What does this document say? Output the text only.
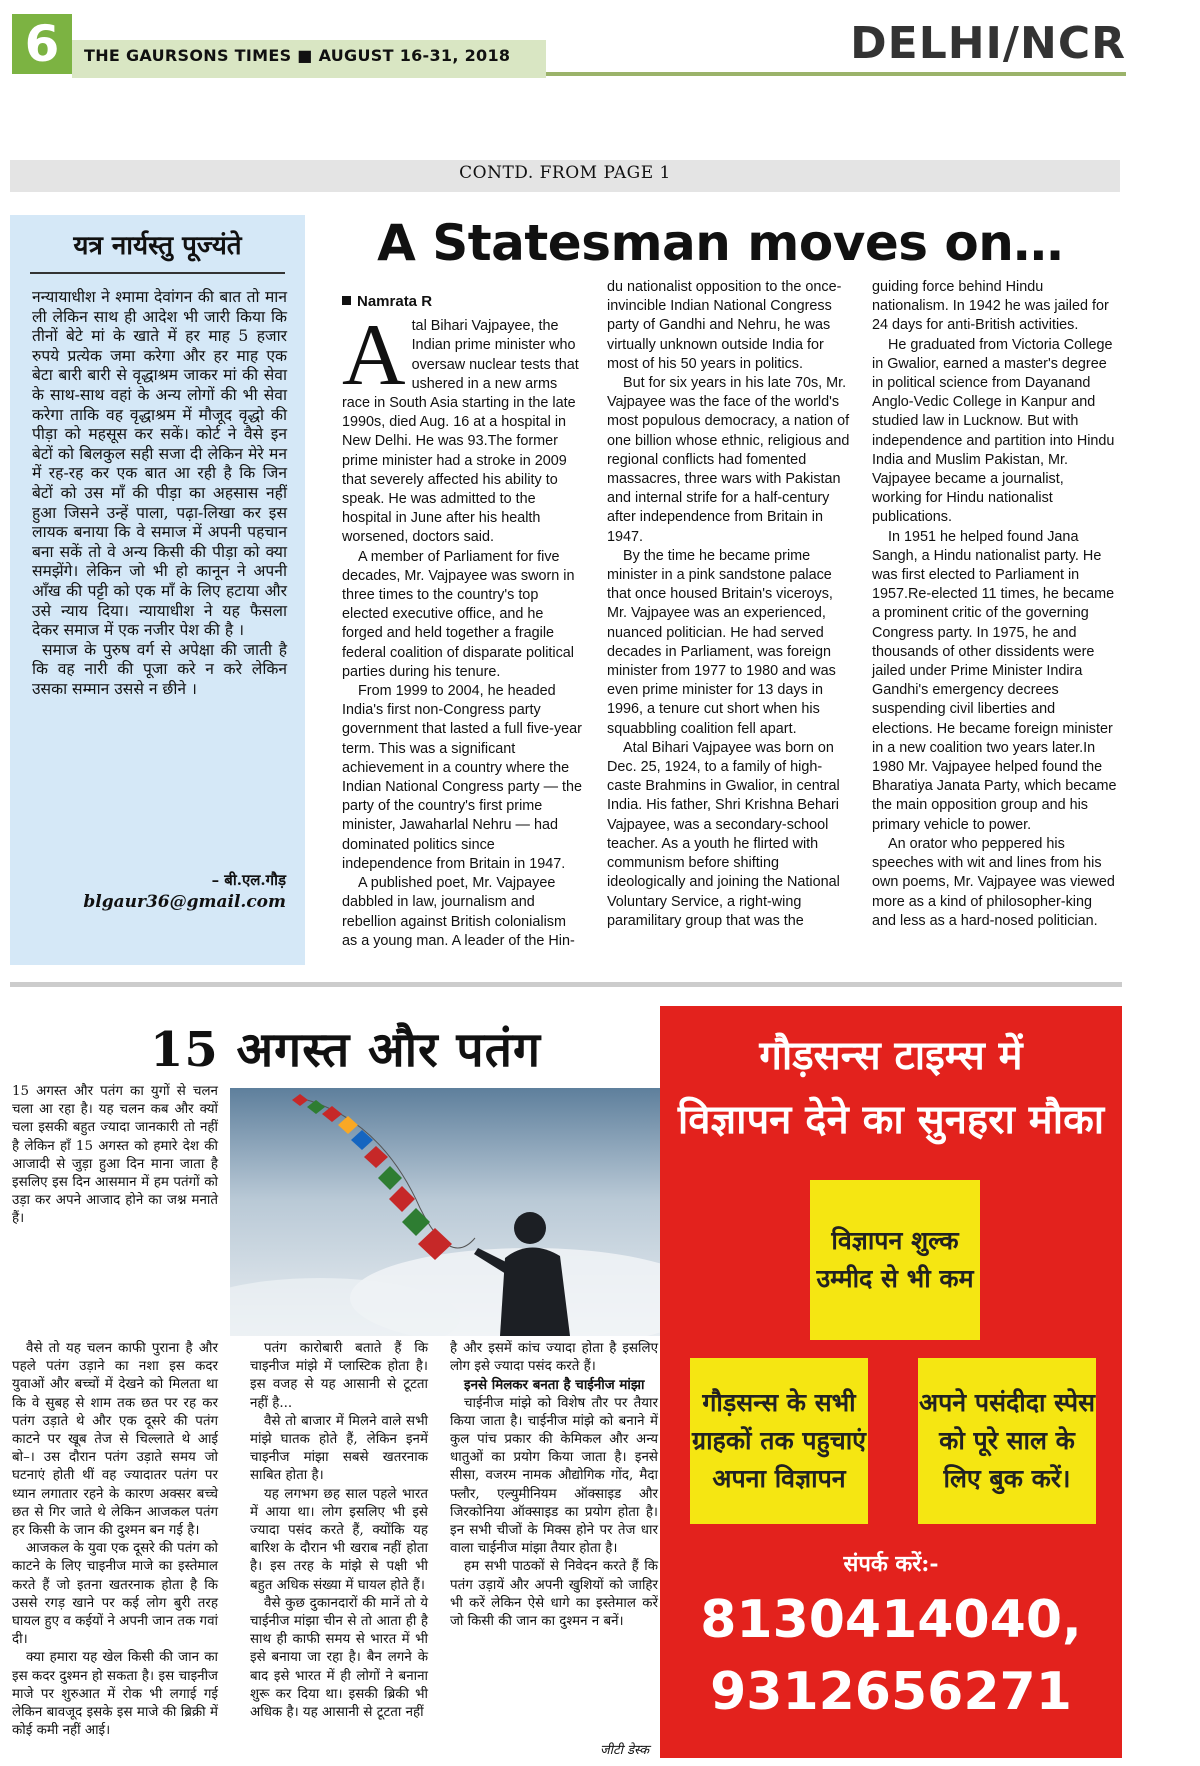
6	THE GAURSONS TIMES ■ AUGUST 16-31, 2018	DELHI/NCR
CONTD. FROM PAGE 1
यत्र नार्यस्तु पूज्यंते

नन्यायाधीश ने श्मामा देवांगन की बात तो मान ली लेकिन साथ ही आदेश भी जारी किया कि तीनों बेटे मां के खाते में हर माह 5 हजार रुपये प्रत्येक जमा करेगा और हर माह एक बेटा बारी बारी से वृद्धाश्रम जाकर मां की सेवा के साथ-साथ वहां के अन्य लोगों की भी सेवा करेगा ताकि वह वृद्धाश्रम में मौजूद वृद्धो की पीड़ा को महसूस कर सकें। कोर्ट ने वैसे इन बेटों को बिलकुल सही सजा दी लेकिन मेरे मन में रह-रह कर एक बात आ रही है कि जिन बेटों को उस माँ की पीड़ा का अहसास नहीं हुआ जिसने उन्हें पाला, पढ़ा-लिखा कर इस लायक बनाया कि वे समाज में अपनी पहचान बना सकें तो वे अन्य किसी की पीड़ा को क्या समझेंगे। लेकिन जो भी हो कानून ने अपनी आँख की पट्टी को एक माँ के लिए हटाया और उसे न्याय दिया। न्यायाधीश ने यह फैसला देकर समाज में एक नजीर पेश की है ।

समाज के पुरुष वर्ग से अपेक्षा की जाती है कि वह नारी की पूजा करे न करे लेकिन उसका सम्मान उससे न छीने ।

– बी.एल.गौड़
blgaur36@gmail.com
A Statesman moves on…
Namrata R

Atal Bihari Vajpayee, the Indian prime minister who oversaw nuclear tests that ushered in a new arms race in South Asia starting in the late 1990s, died Aug. 16 at a hospital in New Delhi. He was 93.The former prime minister had a stroke in 2009 that severely affected his ability to speak. He was admitted to the hospital in June after his health worsened, doctors said.

A member of Parliament for five decades, Mr. Vajpayee was sworn in three times to the country's top elected executive office, and he forged and held together a fragile federal coalition of disparate political parties during his tenure.

From 1999 to 2004, he headed India's first non-Congress party government that lasted a full five-year term. This was a significant achievement in a country where the Indian National Congress party — the party of the country's first prime minister, Jawaharlal Nehru — had dominated politics since independence from Britain in 1947.

A published poet, Mr. Vajpayee dabbled in law, journalism and rebellion against British colonialism as a young man. A leader of the Hin-

du nationalist opposition to the once-invincible Indian National Congress party of Gandhi and Nehru, he was virtually unknown outside India for most of his 50 years in politics.

But for six years in his late 70s, Mr. Vajpayee was the face of the world's most populous democracy, a nation of one billion whose ethnic, religious and regional conflicts had fomented massacres, three wars with Pakistan and internal strife for a half-century after independence from Britain in 1947.

By the time he became prime minister in a pink sandstone palace that once housed Britain's viceroys, Mr. Vajpayee was an experienced, nuanced politician. He had served decades in Parliament, was foreign minister from 1977 to 1980 and was even prime minister for 13 days in 1996, a tenure cut short when his squabbling coalition fell apart.

Atal Bihari Vajpayee was born on Dec. 25, 1924, to a family of high-caste Brahmins in Gwalior, in central India. His father, Shri Krishna Behari Vajpayee, was a secondary-school teacher. As a youth he flirted with communism before shifting ideologically and joining the National Voluntary Service, a right-wing paramilitary group that was the

guiding force behind Hindu nationalism. In 1942 he was jailed for 24 days for anti-British activities.

He graduated from Victoria College in Gwalior, earned a master's degree in political science from Dayanand Anglo-Vedic College in Kanpur and studied law in Lucknow. But with independence and partition into Hindu India and Muslim Pakistan, Mr. Vajpayee became a journalist, working for Hindu nationalist publications.

In 1951 he helped found Jana Sangh, a Hindu nationalist party. He was first elected to Parliament in 1957.Re-elected 11 times, he became a prominent critic of the governing Congress party. In 1975, he and thousands of other dissidents were jailed under Prime Minister Indira Gandhi's emergency decrees suspending civil liberties and elections. He became foreign minister in a new coalition two years later.In 1980 Mr. Vajpayee helped found the Bharatiya Janata Party, which became the main opposition group and his primary vehicle to power.

An orator who peppered his speeches with wit and lines from his own poems, Mr. Vajpayee was viewed more as a kind of philosopher-king and less as a hard-nosed politician.

15 अगस्त और पतंग

15 अगस्त और पतंग का युगों से चलन चला आ रहा है। यह चलन कब और क्यों चला इसकी बहुत ज्यादा जानकारी तो नहीं है लेकिन हाँ 15 अगस्त को हमारे देश की आजादी से जुड़ा हुआ दिन माना जाता है इसलिए इस दिन आसमान में हम पतंगों को उड़ा कर अपने आजाद होने का जश्न मनाते हैं।

वैसे तो यह चलन काफी पुराना है और पहले पतंग उड़ाने का नशा इस कदर युवाओं और बच्चों में देखने को मिलता था कि वे सुबह से शाम तक छत पर रह कर पतंग उड़ाते थे और एक दूसरे की पतंग काटने पर खूब तेज से चिल्लाते थे आई बो–। उस दौरान पतंग उड़ाते समय जो घटनाएं होती थीं वह ज्यादातर पतंग पर ध्यान लगातार रहने के कारण अक्सर बच्चे छत से गिर जाते थे लेकिन आजकल पतंग हर किसी के जान की दुश्मन बन गई है।

आजकल के युवा एक दूसरे की पतंग को काटने के लिए चाइनीज माजे का इस्तेमाल करते हैं जो इतना खतरनाक होता है कि उससे रगड़ खाने पर कई लोग बुरी तरह घायल हुए व कईयों ने अपनी जान तक गवां दी।

क्या हमारा यह खेल किसी की जान का इस कदर दुश्मन हो सकता है। इस चाइनीज माजे पर शुरुआत में रोक भी लगाई गई लेकिन बावजूद इसके इस माजे की ब्रिक्री में कोई कमी नहीं आई।

पतंग कारोबारी बताते हैं कि चाइनीज मांझे में प्लास्टिक होता है। इस वजह से यह आसानी से टूटता नहीं है...

वैसे तो बाजार में मिलने वाले सभी मांझे घातक होते हैं, लेकिन इनमें चाइनीज मांझा सबसे खतरनाक साबित होता है।

यह लगभग छह साल पहले भारत में आया था। लोग इसलिए भी इसे ज्यादा पसंद करते हैं, क्योंकि यह बारिश के दौरान भी खराब नहीं होता है। इस तरह के मांझे से पक्षी भी बहुत अधिक संख्या में घायल होते हैं।

वैसे कुछ दुकानदारों की मानें तो ये चाईनीज मांझा चीन से तो आता ही है साथ ही काफी समय से भारत में भी इसे बनाया जा रहा है। बैन लगने के बाद इसे भारत में ही लोगों ने बनाना शुरू कर दिया था। इसकी ब्रिकी भी अधिक है। यह आसानी से टूटता नहीं

है और इसमें कांच ज्यादा होता है इसलिए लोग इसे ज्यादा पसंद करते हैं।

इनसे मिलकर बनता है चाईनीज मांझा

चाईनीज मांझे को विशेष तौर पर तैयार किया जाता है। चाईनीज मांझे को बनाने में कुल पांच प्रकार की केमिकल और अन्य धातुओं का प्रयोग किया जाता है। इनसे सीसा, वजरम नामक औद्योगिक गोंद, मैदा फ्लौर, एल्युमीनियम ऑक्साइड और जिरकोनिया ऑक्साइड का प्रयोग होता है। इन सभी चीजों के मिक्स होने पर तेज धार वाला चाईनीज मांझा तैयार होता है।

हम सभी पाठकों से निवेदन करते हैं कि पतंग उड़ायें और अपनी खुशियों को जाहिर भी करें लेकिन ऐसे धागे का इस्तेमाल करें जो किसी की जान का दुश्मन न बनें।

जीटी डेस्क
गौड़सन्स टाइम्स में
विज्ञापन देने का सुनहरा मौका
विज्ञापन शुल्क उम्मीद से भी कम
गौड़सन्स के सभी ग्राहकों तक पहुचाएं अपना विज्ञापन
अपने पसंदीदा स्पेस को पूरे साल के लिए बुक करें।
संपर्क करें:-
8130414040,
9312656271
